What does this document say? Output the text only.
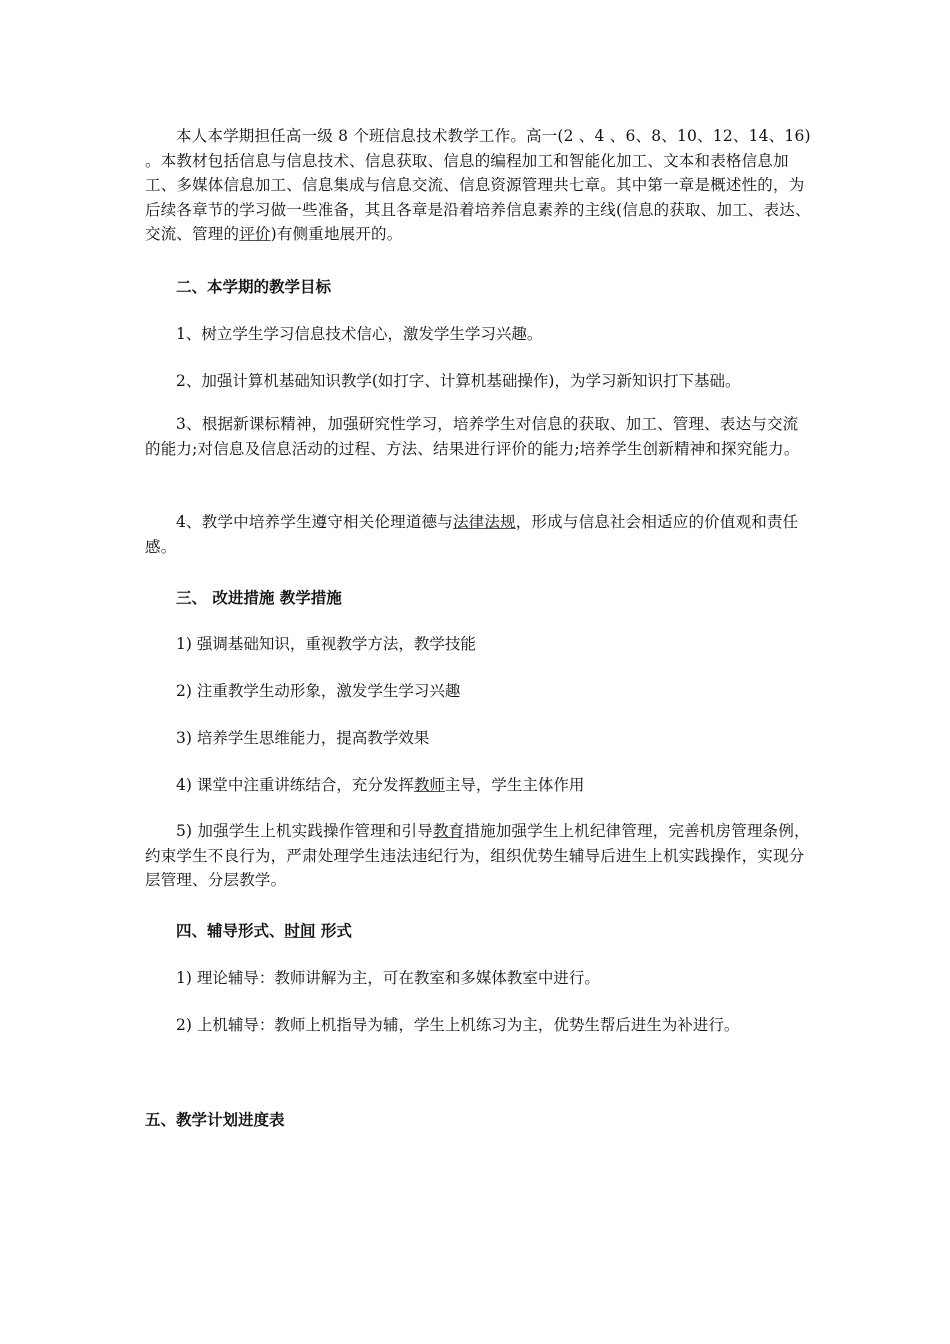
本人本学期担任高一级 8 个班信息技术教学工作。高一(2 、4 、6、8、10、12、14、16) 。本教材包括信息与信息技术、信息获取、信息的编程加工和智能化加工、文本和表格信息加工、多媒体信息加工、信息集成与信息交流、信息资源管理共七章。其中第一章是概述性的，为后续各章节的学习做一些准备，其且各章是沿着培养信息素养的主线(信息的获取、加工、表达、交流、管理的评价)有侧重地展开的。

二、本学期的教学目标

1、树立学生学习信息技术信心，激发学生学习兴趣。

2、加强计算机基础知识教学(如打字、计算机基础操作)，为学习新知识打下基础。

3、根据新课标精神，加强研究性学习，培养学生对信息的获取、加工、管理、表达与交流的能力;对信息及信息活动的过程、方法、结果进行评价的能力;培养学生创新精神和探究能力。

4、教学中培养学生遵守相关伦理道德与法律法规，形成与信息社会相适应的价值观和责任感。

三、 改进措施 教学措施

1) 强调基础知识，重视教学方法，教学技能

2) 注重教学生动形象，激发学生学习兴趣

3) 培养学生思维能力，提高教学效果

4) 课堂中注重讲练结合，充分发挥教师主导，学生主体作用

5) 加强学生上机实践操作管理和引导教育措施加强学生上机纪律管理，完善机房管理条例，约束学生不良行为，严肃处理学生违法违纪行为，组织优势生辅导后进生上机实践操作，实现分层管理、分层教学。

四、辅导形式、时间 形式

1) 理论辅导：教师讲解为主，可在教室和多媒体教室中进行。

2) 上机辅导：教师上机指导为辅，学生上机练习为主，优势生帮后进生为补进行。

五、教学计划进度表
